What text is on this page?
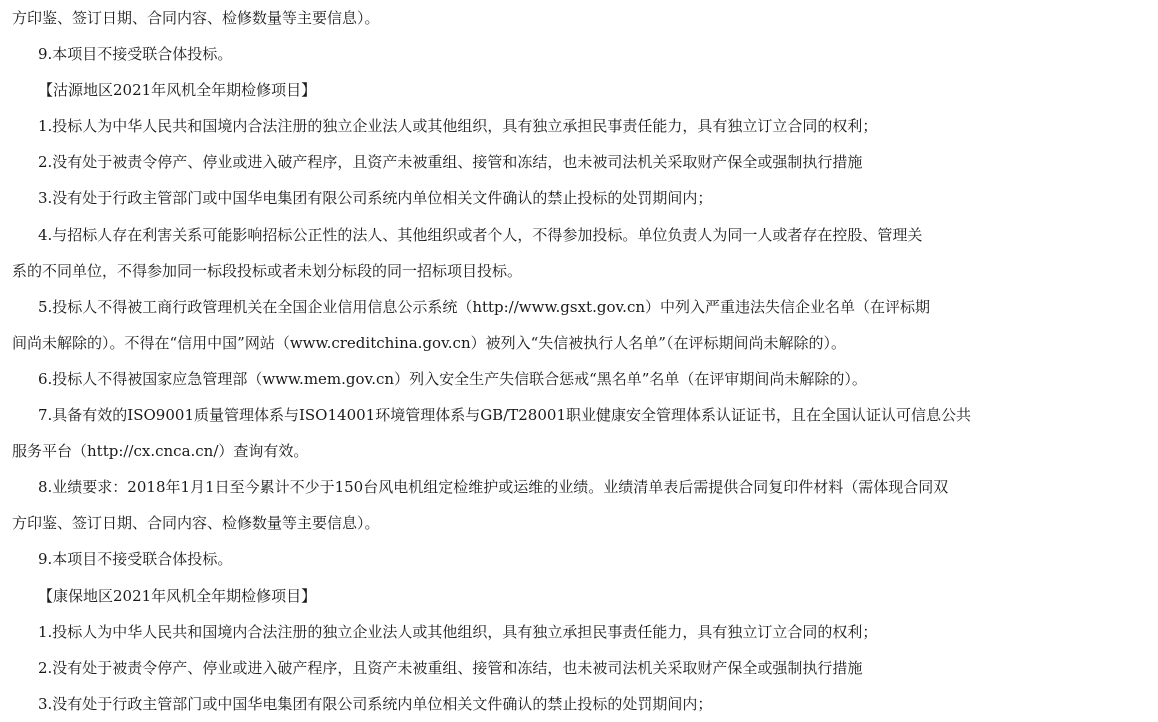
方印鉴、签订日期、合同内容、检修数量等主要信息）。
9.本项目不接受联合体投标。
【沽源地区2021年风机全年期检修项目】
1.投标人为中华人民共和国境内合法注册的独立企业法人或其他组织，具有独立承担民事责任能力，具有独立订立合同的权利；
2.没有处于被责令停产、停业或进入破产程序，且资产未被重组、接管和冻结，也未被司法机关采取财产保全或强制执行措施
3.没有处于行政主管部门或中国华电集团有限公司系统内单位相关文件确认的禁止投标的处罚期间内；
4.与招标人存在利害关系可能影响招标公正性的法人、其他组织或者个人，不得参加投标。单位负责人为同一人或者存在控股、管理关
系的不同单位，不得参加同一标段投标或者未划分标段的同一招标项目投标。
5.投标人不得被工商行政管理机关在全国企业信用信息公示系统（http://www.gsxt.gov.cn）中列入严重违法失信企业名单（在评标期
间尚未解除的）。不得在“信用中国”网站（www.creditchina.gov.cn）被列入“失信被执行人名单”（在评标期间尚未解除的）。
6.投标人不得被国家应急管理部（www.mem.gov.cn）列入安全生产失信联合惩戒“黑名单”名单（在评审期间尚未解除的）。
7.具备有效的ISO9001质量管理体系与ISO14001环境管理体系与GB/T28001职业健康安全管理体系认证证书，且在全国认证认可信息公共
服务平台（http://cx.cnca.cn/）查询有效。
8.业绩要求：2018年1月1日至今累计不少于150台风电机组定检维护或运维的业绩。业绩清单表后需提供合同复印件材料（需体现合同双
方印鉴、签订日期、合同内容、检修数量等主要信息）。
9.本项目不接受联合体投标。
【康保地区2021年风机全年期检修项目】
1.投标人为中华人民共和国境内合法注册的独立企业法人或其他组织，具有独立承担民事责任能力，具有独立订立合同的权利；
2.没有处于被责令停产、停业或进入破产程序，且资产未被重组、接管和冻结，也未被司法机关采取财产保全或强制执行措施
3.没有处于行政主管部门或中国华电集团有限公司系统内单位相关文件确认的禁止投标的处罚期间内；
